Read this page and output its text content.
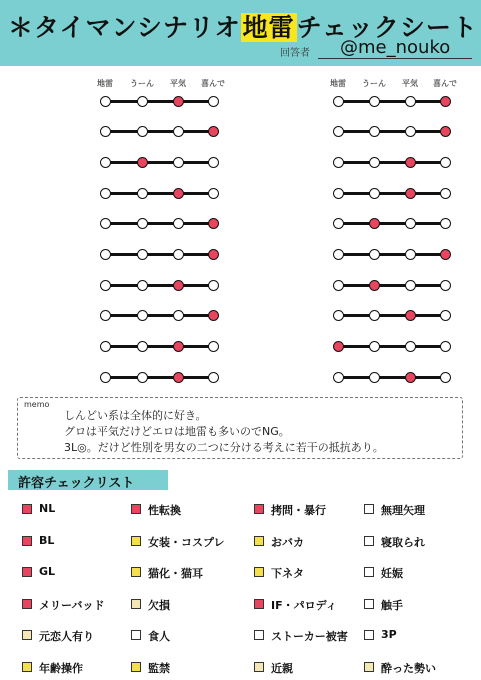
＊タイマンシナリオ地雷チェックシート
回答者 @me_nouko
地雷	うーん	平気	喜んで	地雷	うーん	平気	喜んで
memo
しんどい系は全体的に好き。
グロは平気だけどエロは地雷も多いのでNG。
3L◎。だけど性別を男女の二つに分ける考えに若干の抵抗あり。
許容チェックリスト
NL	性転換	拷問・暴行	無理矢理
BL	女装・コスプレ	おバカ	寝取られ
GL	猫化・猫耳	下ネタ	妊娠
メリーバッド	欠損	IF・パロディ	触手
元恋人有り	食人	ストーカー被害	3P
年齢操作	監禁	近親	酔った勢い
